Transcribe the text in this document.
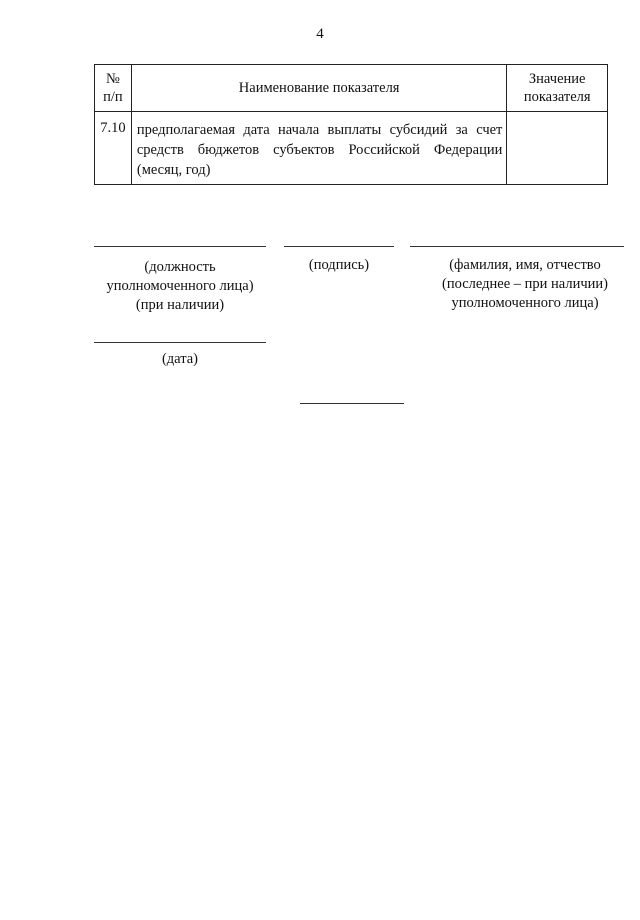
4
№
п/п	Наименование показателя	Значение
показателя
7.10	предполагаемая дата начала выплаты субсидий за счет средств бюджетов субъектов Российской Федерации (месяц, год)	
(должность
уполномоченного лица)
(при наличии)
(подпись)	(фамилия, имя, отчество
(последнее – при наличии)
уполномоченного лица)
(дата)
